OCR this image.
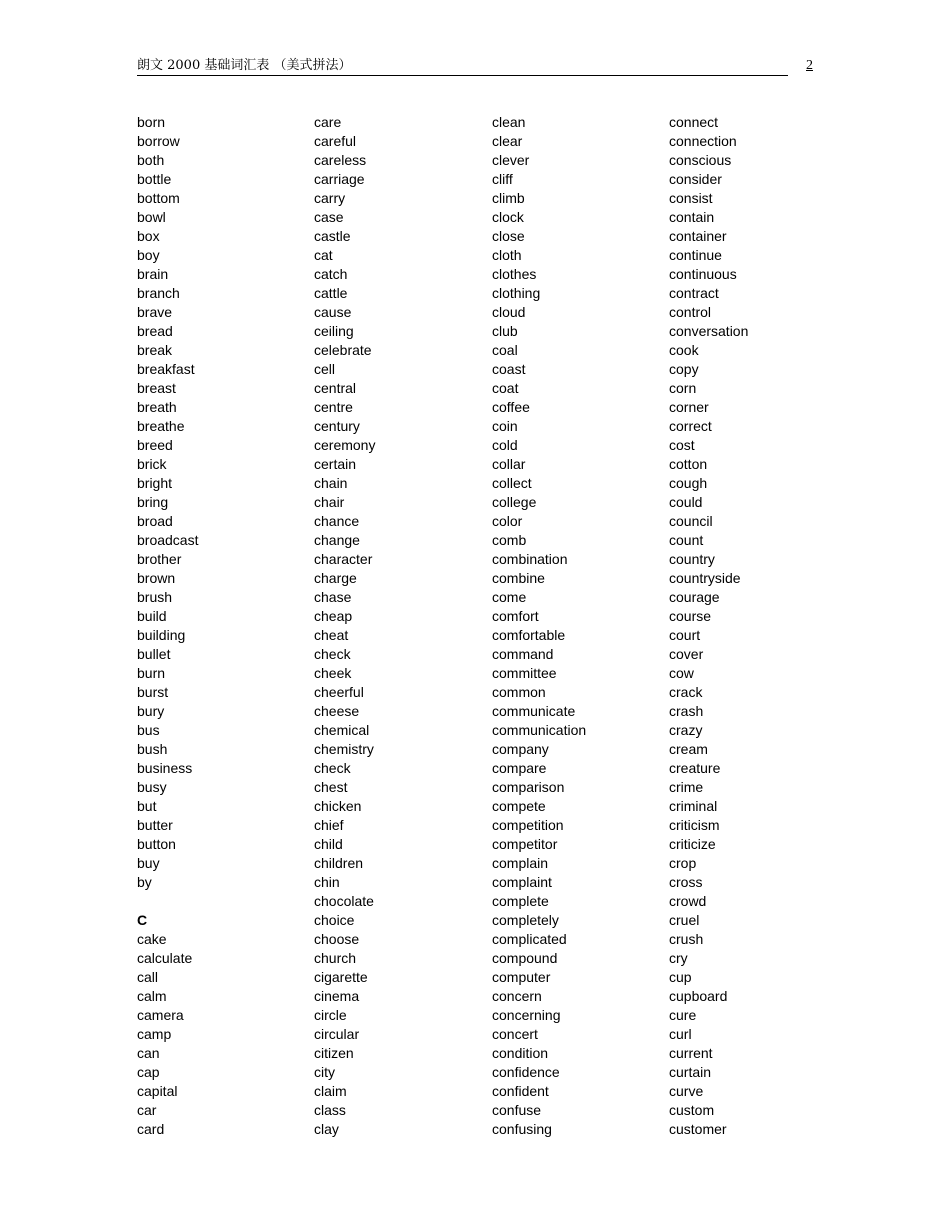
朗文 2000 基础词汇表 （美式拼法）	2
born
borrow
both
bottle
bottom
bowl
box
boy
brain
branch
brave
bread
break
breakfast
breast
breath
breathe
breed
brick
bright
bring
broad
broadcast
brother
brown
brush
build
building
bullet
burn
burst
bury
bus
bush
business
busy
but
butter
button
buy
by
C
cake
calculate
call
calm
camera
camp
can
cap
capital
car
card
care
careful
careless
carriage
carry
case
castle
cat
catch
cattle
cause
ceiling
celebrate
cell
central
centre
century
ceremony
certain
chain
chair
chance
change
character
charge
chase
cheap
cheat
check
cheek
cheerful
cheese
chemical
chemistry
check
chest
chicken
chief
child
children
chin
chocolate
choice
choose
church
cigarette
cinema
circle
circular
citizen
city
claim
class
clay
clean
clear
clever
cliff
climb
clock
close
cloth
clothes
clothing
cloud
club
coal
coast
coat
coffee
coin
cold
collar
collect
college
color
comb
combination
combine
come
comfort
comfortable
command
committee
common
communicate
communication
company
compare
comparison
compete
competition
competitor
complain
complaint
complete
completely
complicated
compound
computer
concern
concerning
concert
condition
confidence
confident
confuse
confusing
connect
connection
conscious
consider
consist
contain
container
continue
continuous
contract
control
conversation
cook
copy
corn
corner
correct
cost
cotton
cough
could
council
count
country
countryside
courage
course
court
cover
cow
crack
crash
crazy
cream
creature
crime
criminal
criticism
criticize
crop
cross
crowd
cruel
crush
cry
cup
cupboard
cure
curl
current
curtain
curve
custom
customer
